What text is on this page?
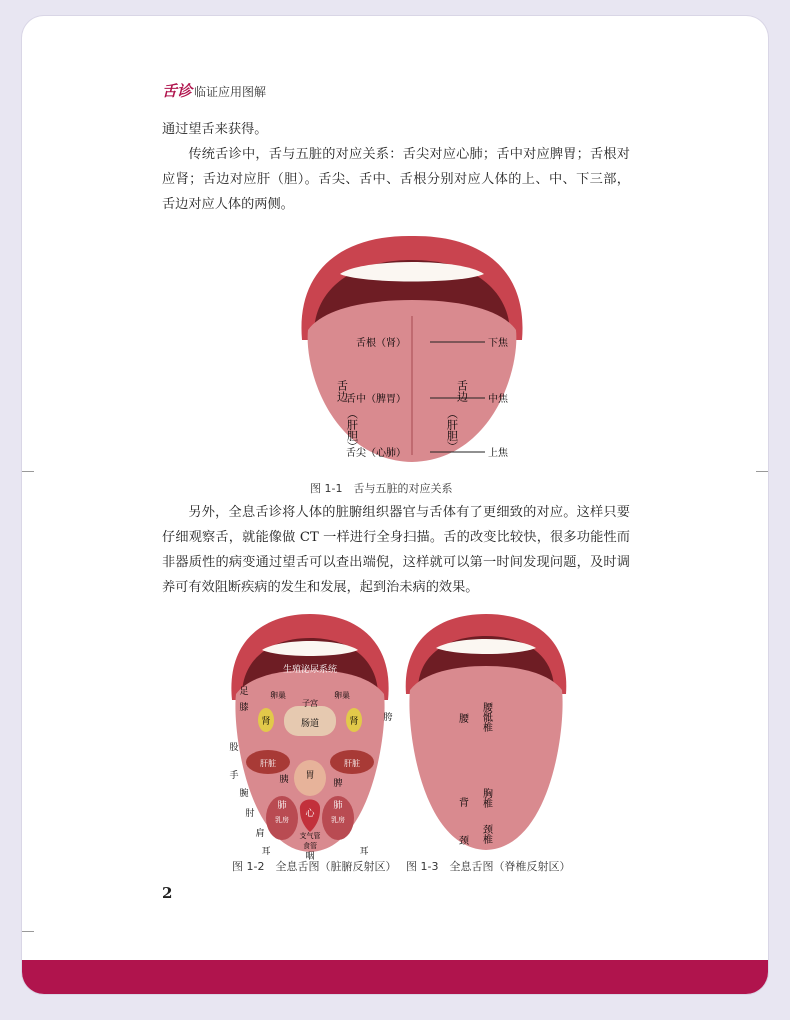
舌诊 临证应用图解

通过望舌来获得。

传统舌诊中，舌与五脏的对应关系：舌尖对应心肺；舌中对应脾胃；舌根对应肾；舌边对应肝（胆）。舌尖、舌中、舌根分别对应人体的上、中、下三部，舌边对应人体的两侧。

舌根（肾）
舌中（脾胃）
舌尖（心肺）
下焦
中焦
上焦
舌边
（肝胆）
舌边
（肝胆）
图 1-1　舌与五脏的对应关系

另外，全息舌诊将人体的脏腑组织器官与舌体有了更细致的对应。这样只要仔细观察舌，就能像做 CT 一样进行全身扫描。舌的改变比较快，很多功能性而非器质性的病变通过望舌可以查出端倪，这样就可以第一时间发现问题，及时调养可有效阻断疾病的发生和发展，起到治未病的效果。

生殖泌尿系统
足
膝
卵巢
子宫
卵巢
肾	肠道	肾	胯
股
肝脏	肝脏
胰 胃
脾
手
腕
肘
肩
肺
乳房
心
肺
乳房
支气管
食管
咽
耳	耳
腰 腰骶椎
背 胸椎
颈 颈椎
图 1-2　全息舌图（脏腑反射区） 图 1-3　全息舌图（脊椎反射区）
2
